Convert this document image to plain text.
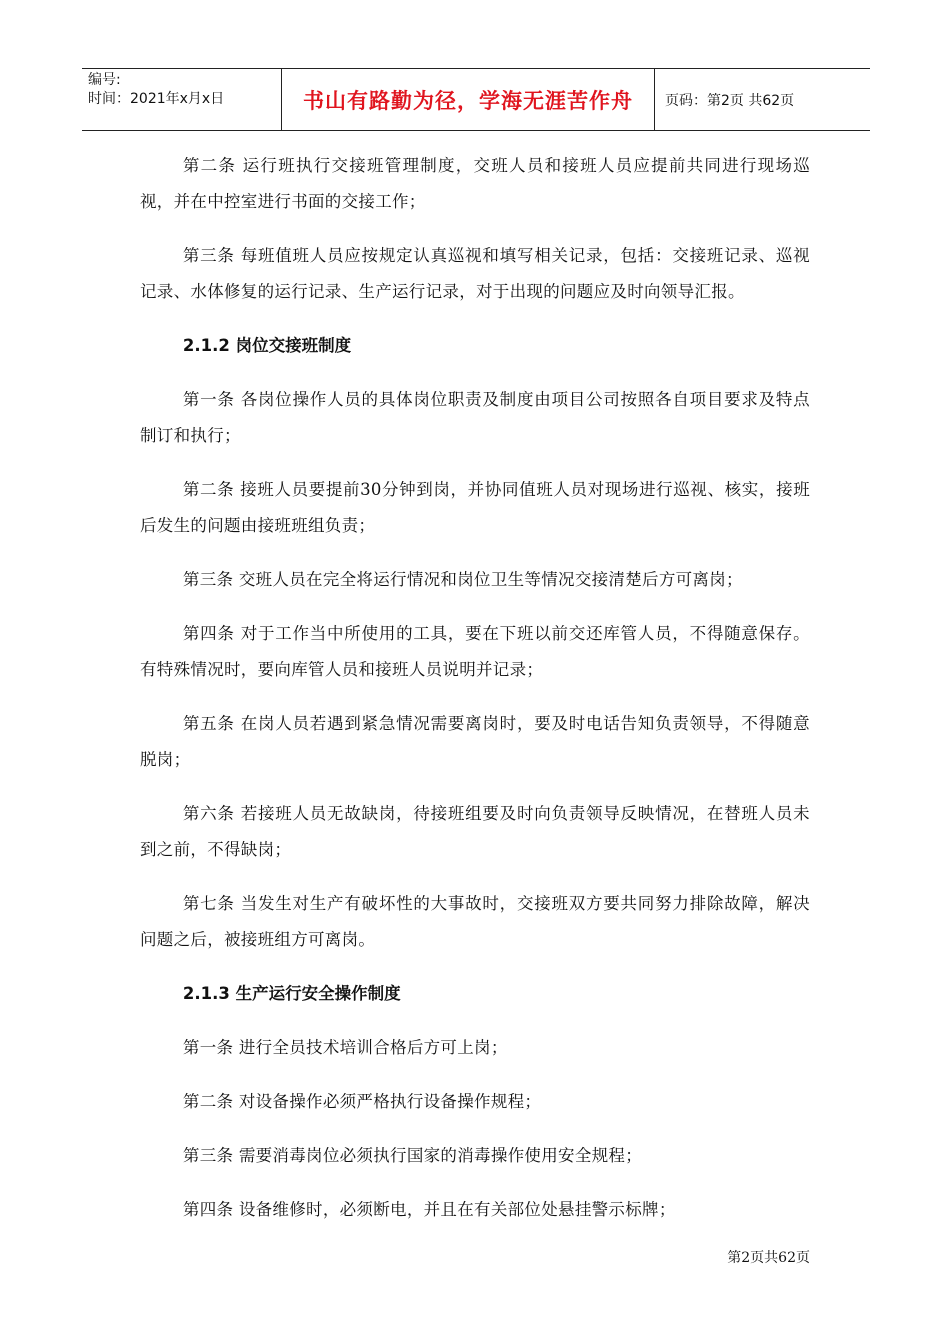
编号:
时间：2021年x月x日	书山有路勤为径，学海无涯苦作舟	页码：第2页 共62页

第二条 运行班执行交接班管理制度，交班人员和接班人员应提前共同进行现场巡视，并在中控室进行书面的交接工作；

第三条 每班值班人员应按规定认真巡视和填写相关记录，包括：交接班记录、巡视记录、水体修复的运行记录、生产运行记录，对于出现的问题应及时向领导汇报。

2.1.2 岗位交接班制度

第一条 各岗位操作人员的具体岗位职责及制度由项目公司按照各自项目要求及特点制订和执行；

第二条 接班人员要提前30分钟到岗，并协同值班人员对现场进行巡视、核实，接班后发生的问题由接班班组负责；

第三条 交班人员在完全将运行情况和岗位卫生等情况交接清楚后方可离岗；

第四条 对于工作当中所使用的工具，要在下班以前交还库管人员，不得随意保存。有特殊情况时，要向库管人员和接班人员说明并记录；

第五条 在岗人员若遇到紧急情况需要离岗时，要及时电话告知负责领导，不得随意脱岗；

第六条 若接班人员无故缺岗，待接班组要及时向负责领导反映情况，在替班人员未到之前，不得缺岗；

第七条 当发生对生产有破坏性的大事故时，交接班双方要共同努力排除故障，解决问题之后，被接班组方可离岗。

2.1.3 生产运行安全操作制度

第一条 进行全员技术培训合格后方可上岗；

第二条 对设备操作必须严格执行设备操作规程；

第三条 需要消毒岗位必须执行国家的消毒操作使用安全规程；

第四条 设备维修时，必须断电，并且在有关部位处悬挂警示标牌；

第2页共62页
